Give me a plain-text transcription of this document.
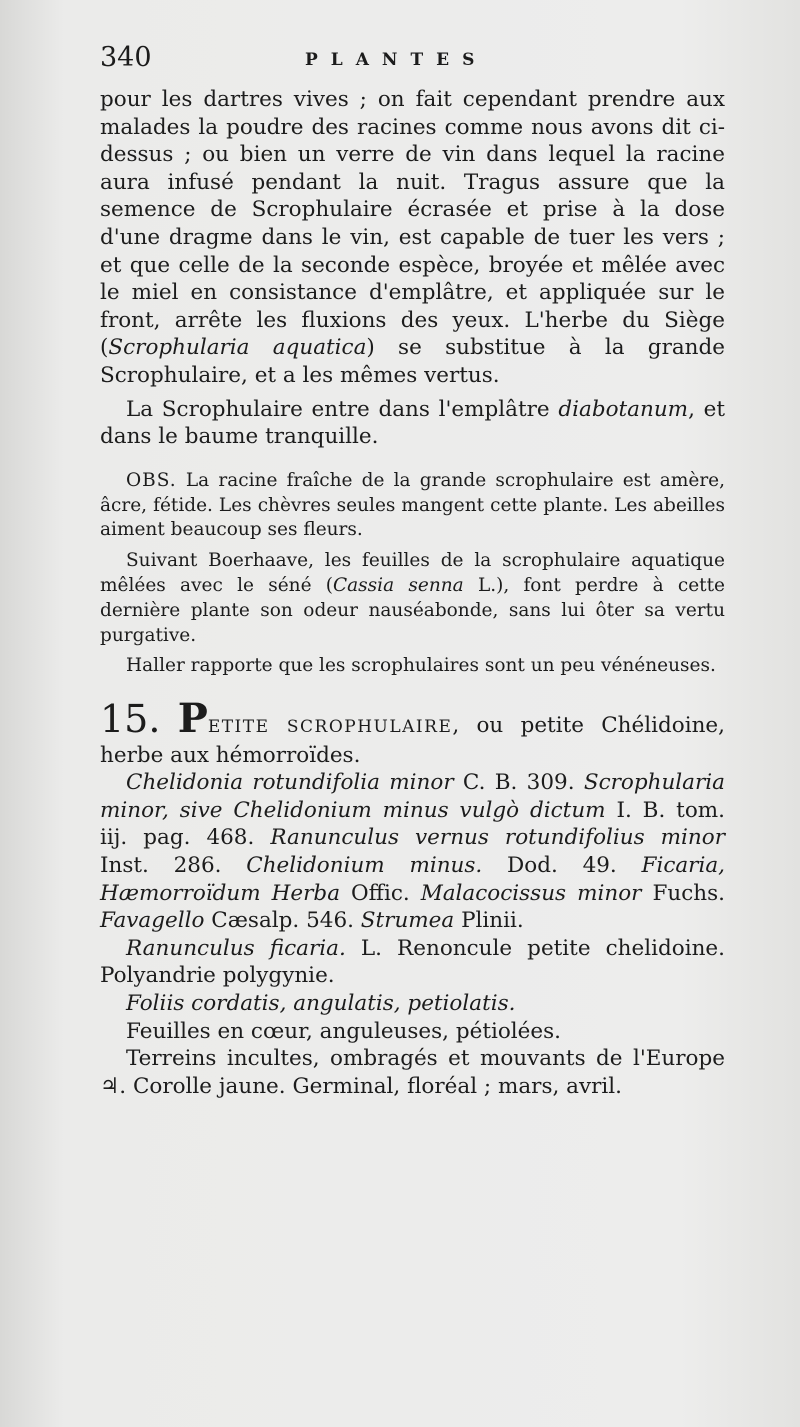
340	PLANTES

pour les dartres vives ; on fait cependant prendre aux malades la poudre des racines comme nous avons dit ci-dessus ; ou bien un verre de vin dans lequel la racine aura infusé pendant la nuit. Tragus assure que la semence de Scrophulaire écrasée et prise à la dose d'une dragme dans le vin, est capable de tuer les vers ; et que celle de la seconde espèce, broyée et mêlée avec le miel en consistance d'emplâtre, et appliquée sur le front, arrête les fluxions des yeux. L'herbe du Siège (Scrophularia aquatica) se substitue à la grande Scrophulaire, et a les mêmes vertus.

La Scrophulaire entre dans l'emplâtre diabotanum, et dans le baume tranquille.

OBS. La racine fraîche de la grande scrophulaire est amère, âcre, fétide. Les chèvres seules mangent cette plante. Les abeilles aiment beaucoup ses fleurs.

Suivant Boerhaave, les feuilles de la scrophulaire aquatique mêlées avec le séné (Cassia senna L.), font perdre à cette dernière plante son odeur nauséabonde, sans lui ôter sa vertu purgative.

Haller rapporte que les scrophulaires sont un peu vénéneuses.

15. PETITE SCROPHULAIRE, ou petite Chélidoine, herbe aux hémorroïdes.

Chelidonia rotundifolia minor C. B. 309. Scrophularia minor, sive Chelidonium minus vulgò dictum I. B. tom. iij. pag. 468. Ranunculus vernus rotundifolius minor Inst. 286. Chelidonium minus. Dod. 49. Ficaria, Hæmorroïdum Herba Offic. Malacocissus minor Fuchs. Favagello Cæsalp. 546. Strumea Plinii.

Ranunculus ficaria. L. Renoncule petite chelidoine. Polyandrie polygynie.

Foliis cordatis, angulatis, petiolatis.

Feuilles en cœur, anguleuses, pétiolées.

Terreins incultes, ombragés et mouvants de l'Europe ♃. Corolle jaune. Germinal, floréal ; mars, avril.
